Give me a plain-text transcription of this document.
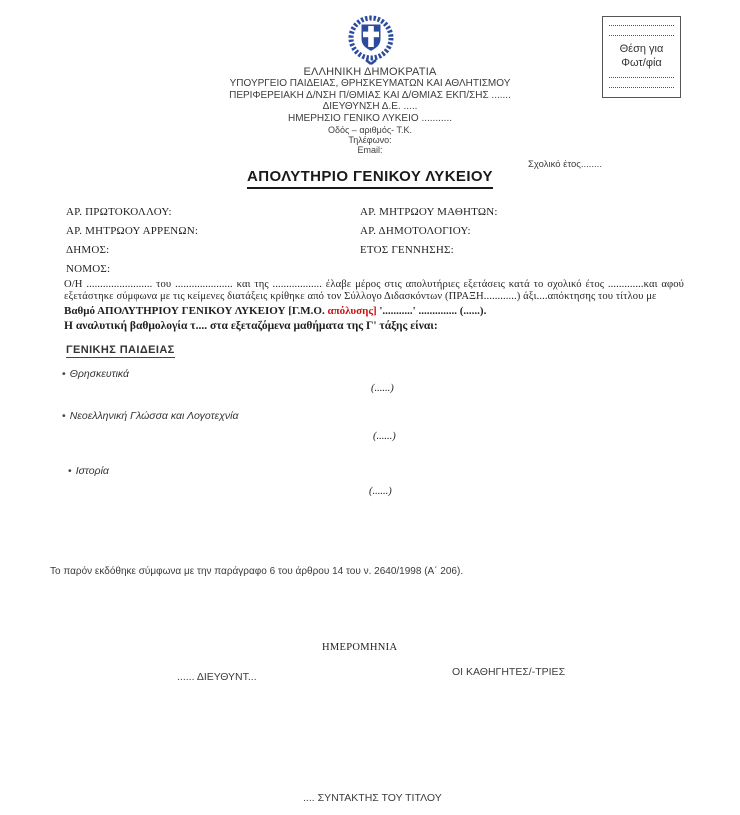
ΕΛΛΗΝΙΚΗ ΔΗΜΟΚΡΑΤΙΑ
ΥΠΟΥΡΓΕΙΟ ΠΑΙΔΕΙΑΣ, ΘΡΗΣΚΕΥΜΑΤΩΝ ΚΑΙ ΑΘΛΗΤΙΣΜΟΥ
ΠΕΡΙΦΕΡΕΙΑΚΗ Δ/ΝΣΗ Π/ΘΜΙΑΣ ΚΑΙ Δ/ΘΜΙΑΣ ΕΚΠ/ΣΗΣ .......
ΔΙΕΥΘΥΝΣΗ Δ.Ε. .....
ΗΜΕΡΗΣΙΟ ΓΕΝΙΚΟ ΛΥΚΕΙΟ ...........
Οδός – αριθμός- Τ.Κ.
Τηλέφωνο:
Email:
Θέση για
Φωτ/φία
Σχολικό έτος........
ΑΠΟΛΥΤΗΡΙΟ ΓΕΝΙΚΟΥ ΛΥΚΕΙΟΥ
ΑΡ. ΠΡΩΤΟΚΟΛΛΟΥ:
ΑΡ. ΜΗΤΡΩΟΥ ΑΡΡΕΝΩΝ:
ΔΗΜΟΣ:
ΝΟΜΟΣ:
ΑΡ. ΜΗΤΡΩΟΥ ΜΑΘΗΤΩΝ:
ΑΡ. ΔΗΜΟΤΟΛΟΓΙΟΥ:
ΕΤΟΣ ΓΕΝΝΗΣΗΣ:
Ο/Η ........................ του ..................... και της .................. έλαβε μέρος στις απολυτήριες εξετάσεις κατά το σχολικό έτος .............και αφού εξετάστηκε σύμφωνα με τις κείμενες διατάξεις κρίθηκε από τον Σύλλογο Διδασκόντων (ΠΡΑΞΗ............) άξι....απόκτησης του τίτλου με
Βαθμό ΑΠΟΛΥΤΗΡΙΟΥ ΓΕΝΙΚΟΥ ΛΥΚΕΙΟΥ [Γ.Μ.Ο. απόλυσης] '...........' .............. (......).
Η αναλυτική βαθμολογία τ.... στα εξεταζόμενα μαθήματα της Γ' τάξης είναι:
ΓΕΝΙΚΗΣ ΠΑΙΔΕΙΑΣ
• Θρησκευτικά
(......)
• Νεοελληνική Γλώσσα και Λογοτεχνία
(......)
• Ιστορία
(......)
Το παρόν εκδόθηκε σύμφωνα με την παράγραφο 6 του άρθρου 14 του ν. 2640/1998 (Α΄ 206).
ΗΜΕΡΟΜΗΝΙΑ
...... ΔΙΕΥΘΥΝΤ...	ΟΙ ΚΑΘΗΓΗΤΕΣ/-ΤΡΙΕΣ
.... ΣΥΝΤΑΚΤΗΣ ΤΟΥ ΤΙΤΛΟΥ
